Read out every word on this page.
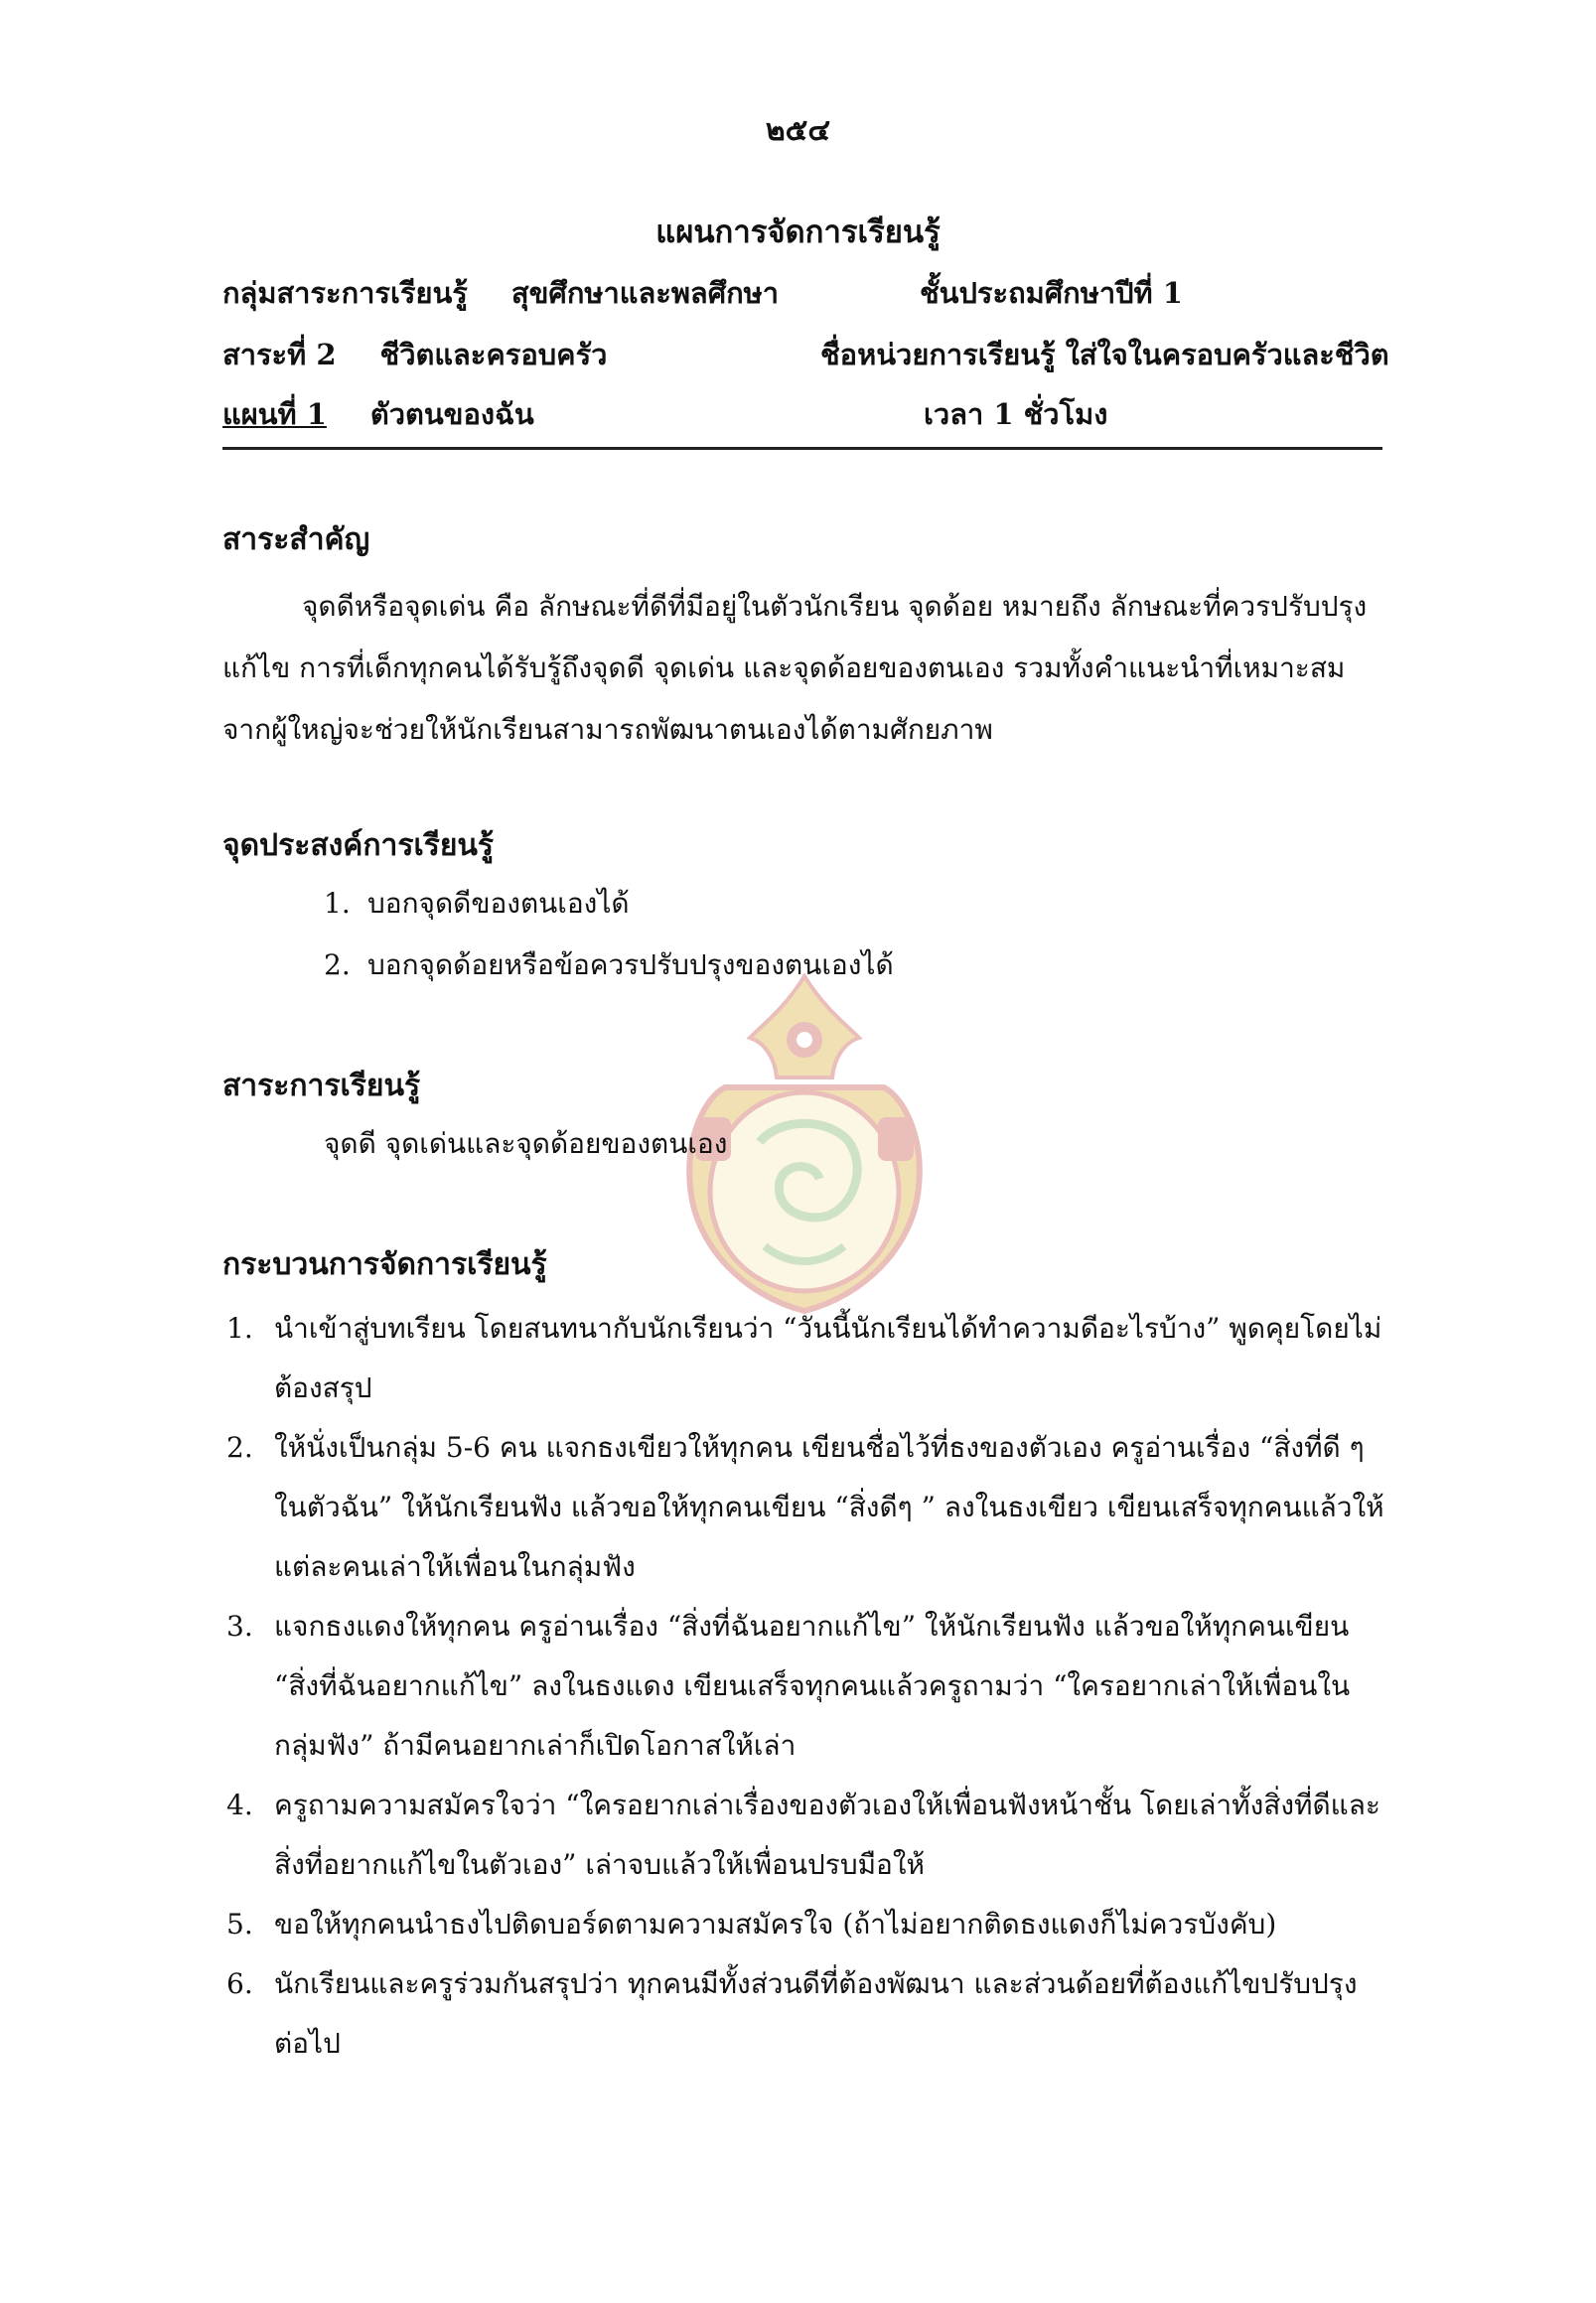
๒๕๔
แผนการจัดการเรียนรู้
กลุ่มสาระการเรียนรู้ สุขศึกษาและพลศึกษา	ชั้นประถมศึกษาปีที่ 1
สาระที่ 2 ชีวิตและครอบครัว	ชื่อหน่วยการเรียนรู้ ใส่ใจในครอบครัวและชีวิต
แผนที่ 1 ตัวตนของฉัน	เวลา 1 ชั่วโมง
สาระสำคัญ
จุดดีหรือจุดเด่น คือ ลักษณะที่ดีที่มีอยู่ในตัวนักเรียน จุดด้อย หมายถึง ลักษณะที่ควรปรับปรุงแก้ไข การที่เด็กทุกคนได้รับรู้ถึงจุดดี จุดเด่น และจุดด้อยของตนเอง รวมทั้งคำแนะนำที่เหมาะสมจากผู้ใหญ่จะช่วยให้นักเรียนสามารถพัฒนาตนเองได้ตามศักยภาพ
จุดประสงค์การเรียนรู้
1. บอกจุดดีของตนเองได้
2. บอกจุดด้อยหรือข้อควรปรับปรุงของตนเองได้
สาระการเรียนรู้
จุดดี จุดเด่นและจุดด้อยของตนเอง
กระบวนการจัดการเรียนรู้
1. นำเข้าสู่บทเรียน โดยสนทนากับนักเรียนว่า “วันนี้นักเรียนได้ทำความดีอะไรบ้าง” พูดคุยโดยไม่ต้องสรุป
2. ให้นั่งเป็นกลุ่ม 5-6 คน แจกธงเขียวให้ทุกคน เขียนชื่อไว้ที่ธงของตัวเอง ครูอ่านเรื่อง “สิ่งที่ดี ๆ ในตัวฉัน” ให้นักเรียนฟัง แล้วขอให้ทุกคนเขียน “สิ่งดีๆ ” ลงในธงเขียว เขียนเสร็จทุกคนแล้วให้แต่ละคนเล่าให้เพื่อนในกลุ่มฟัง
3. แจกธงแดงให้ทุกคน ครูอ่านเรื่อง “สิ่งที่ฉันอยากแก้ไข” ให้นักเรียนฟัง แล้วขอให้ทุกคนเขียน “สิ่งที่ฉันอยากแก้ไข” ลงในธงแดง เขียนเสร็จทุกคนแล้วครูถามว่า “ใครอยากเล่าให้เพื่อนในกลุ่มฟัง” ถ้ามีคนอยากเล่าก็เปิดโอกาสให้เล่า
4. ครูถามความสมัครใจว่า “ใครอยากเล่าเรื่องของตัวเองให้เพื่อนฟังหน้าชั้น โดยเล่าทั้งสิ่งที่ดีและสิ่งที่อยากแก้ไขในตัวเอง” เล่าจบแล้วให้เพื่อนปรบมือให้
5. ขอให้ทุกคนนำธงไปติดบอร์ดตามความสมัครใจ (ถ้าไม่อยากติดธงแดงก็ไม่ควรบังคับ)
6. นักเรียนและครูร่วมกันสรุปว่า ทุกคนมีทั้งส่วนดีที่ต้องพัฒนา และส่วนด้อยที่ต้องแก้ไขปรับปรุงต่อไป
